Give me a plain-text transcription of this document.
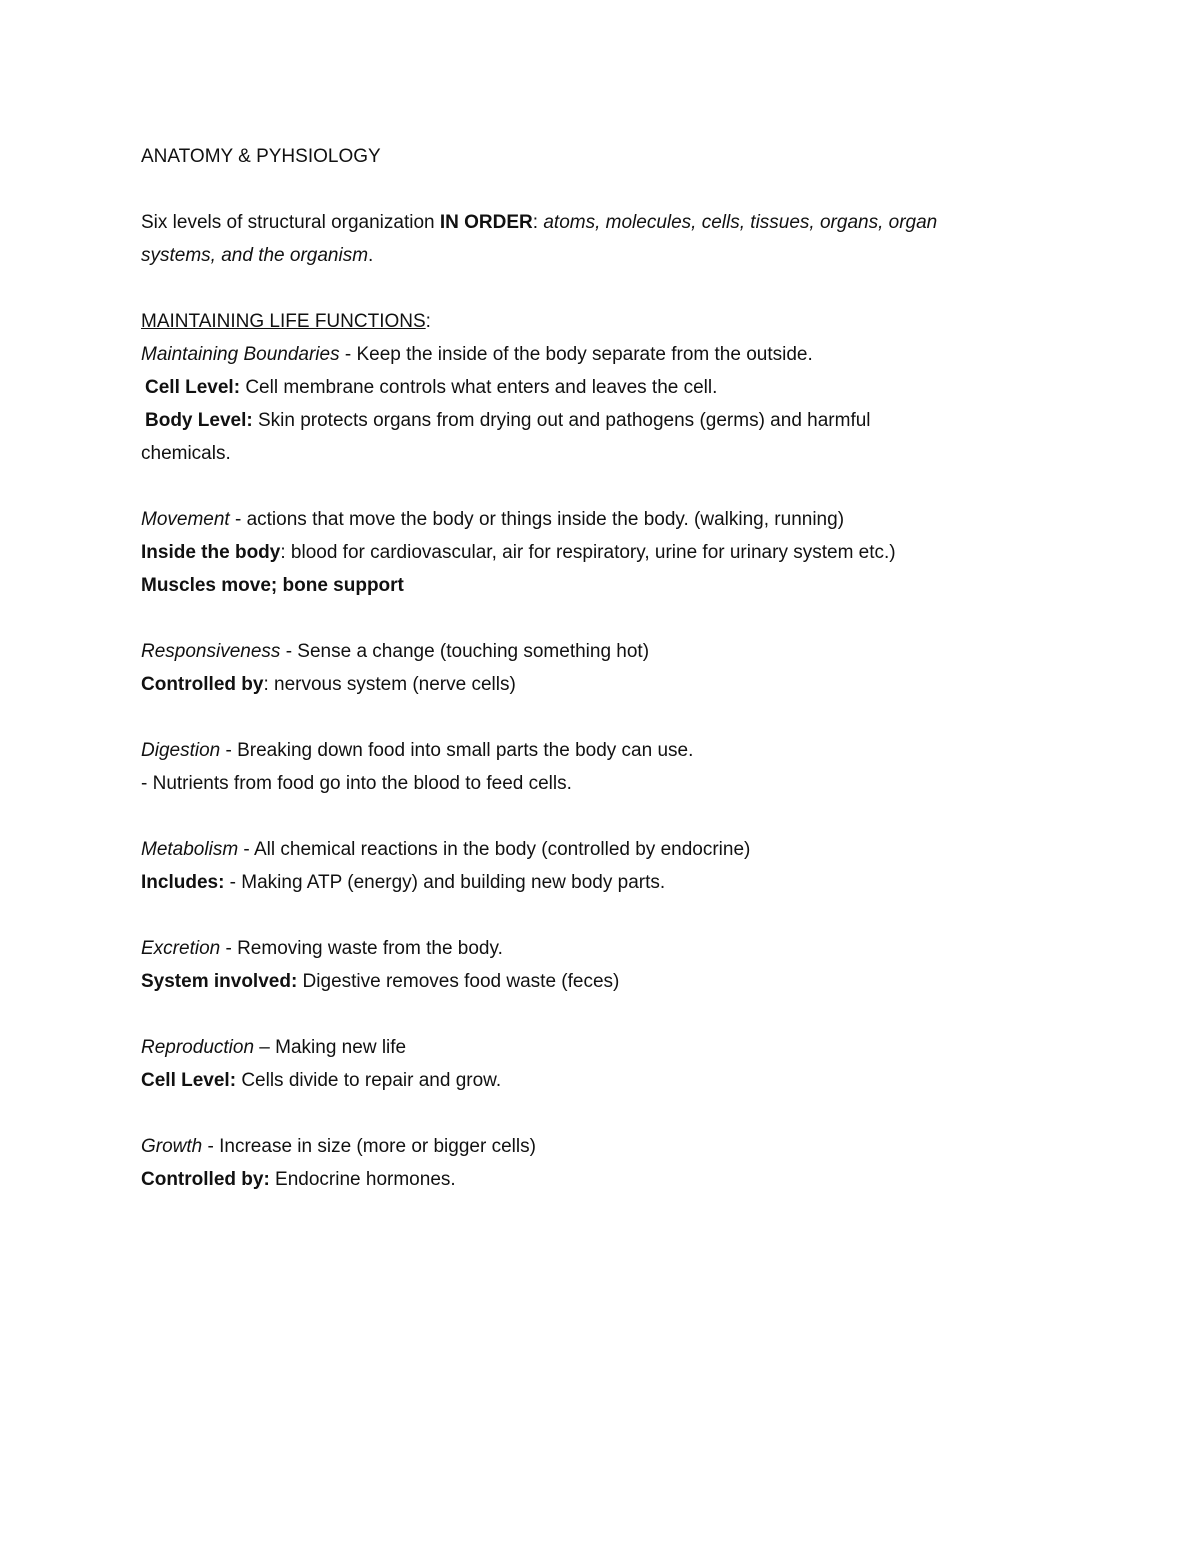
ANATOMY & PYHSIOLOGY
Six levels of structural organization IN ORDER: atoms, molecules, cells, tissues, organs, organ
systems, and the organism.
MAINTAINING LIFE FUNCTIONS:
Maintaining Boundaries - Keep the inside of the body separate from the outside.
Cell Level: Cell membrane controls what enters and leaves the cell.
Body Level: Skin protects organs from drying out and pathogens (germs) and harmful
chemicals.
Movement - actions that move the body or things inside the body. (walking, running)
Inside the body: blood for cardiovascular, air for respiratory, urine for urinary system etc.)
Muscles move; bone support
Responsiveness - Sense a change (touching something hot)
Controlled by: nervous system (nerve cells)
Digestion - Breaking down food into small parts the body can use.
- Nutrients from food go into the blood to feed cells.
Metabolism - All chemical reactions in the body (controlled by endocrine)
Includes: - Making ATP (energy) and building new body parts.
Excretion - Removing waste from the body.
System involved: Digestive removes food waste (feces)
Reproduction – Making new life
Cell Level: Cells divide to repair and grow.
Growth - Increase in size (more or bigger cells)
Controlled by: Endocrine hormones.
